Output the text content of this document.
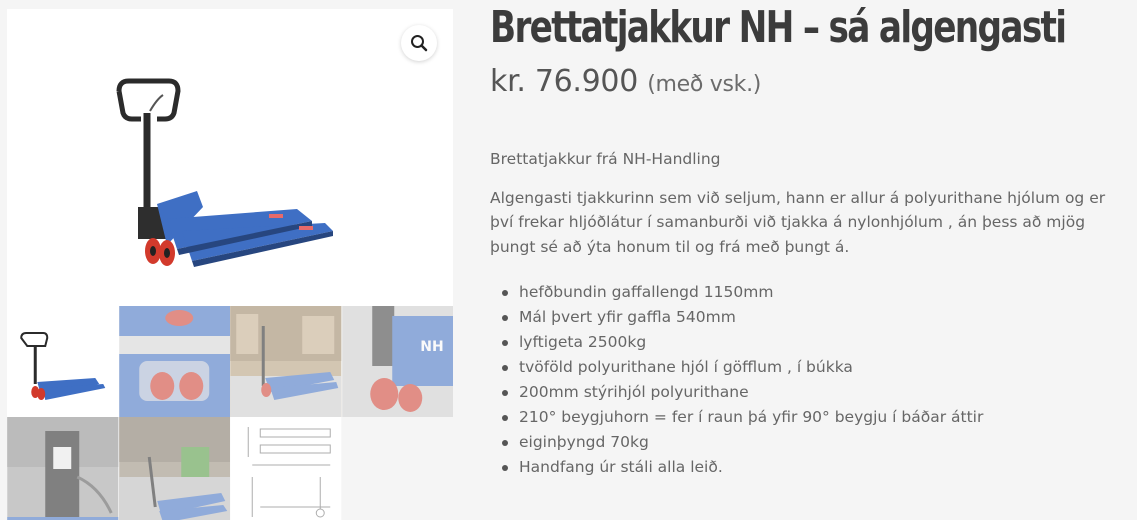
NH
Brettatjakkur NH – sá algengasti
kr. 76.900 (með vsk.)

Brettatjakkur frá NH-Handling

Algengasti tjakkurinn sem við seljum, hann er allur á polyurithane hjólum og er því frekar hljóðlátur í samanburði við tjakka á nylonhjólum , án þess að mjög þungt sé að ýta honum til og frá með þungt á.

hefðbundin gaffallengd 1150mm
Mál þvert yfir gaffla 540mm
lyftigeta 2500kg
tvöföld polyurithane hjól í göfflum , í búkka
200mm stýrihjól polyurithane
210° beygjuhorn = fer í raun þá yfir 90° beygju í báðar áttir
eiginþyngd 70kg
Handfang úr stáli alla leið.
